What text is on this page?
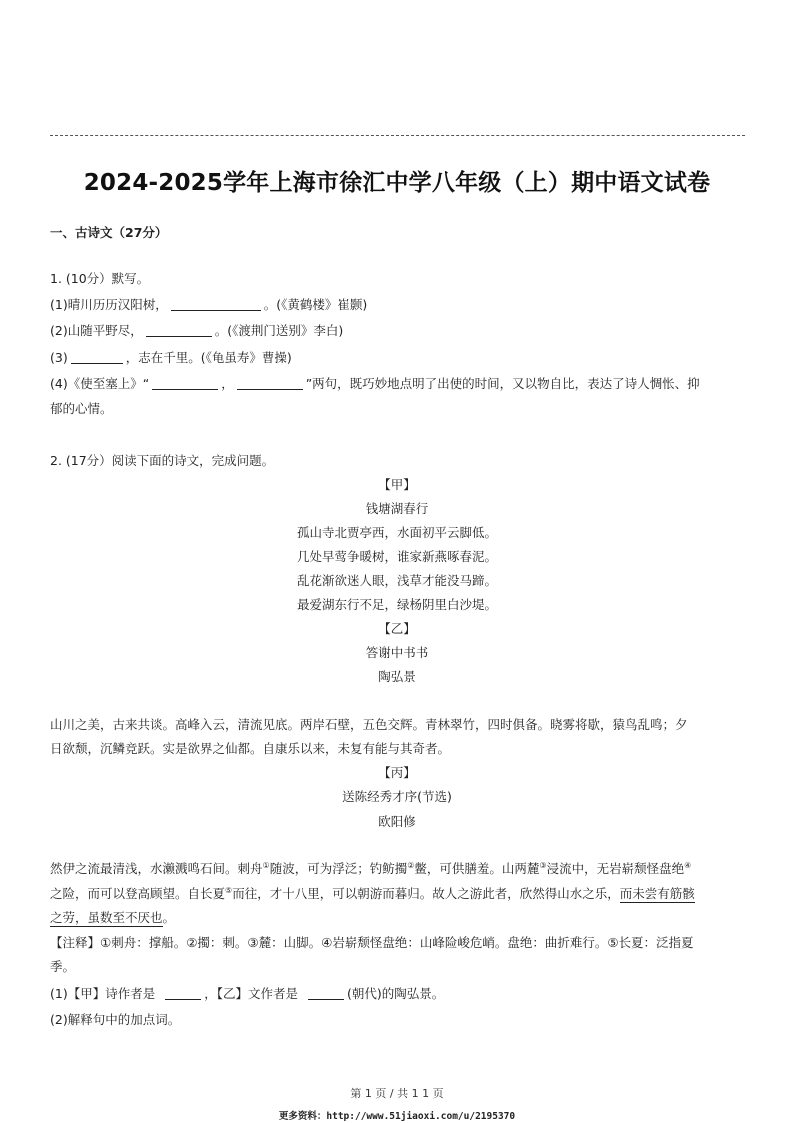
2024-2025学年上海市徐汇中学八年级（上）期中语文试卷
一、古诗文（27分）
1. (10分）默写。
(1)晴川历历汉阳树，	。(《黄鹤楼》崔颢)
(2)山随平野尽，	。(《渡荆门送别》李白)
(3)	，志在千里。(《龟虽寿》曹操)
(4)《使至塞上》“	，	”两句，既巧妙地点明了出使的时间，又以物自比，表达了诗人惆怅、抑
郁的心情。
2. (17分）阅读下面的诗文，完成问题。
【甲】
钱塘湖春行
孤山寺北贾亭西，水面初平云脚低。
几处早莺争暖树，谁家新燕啄春泥。
乱花渐欲迷人眼，浅草才能没马蹄。
最爱湖东行不足，绿杨阴里白沙堤。
【乙】
答谢中书书
陶弘景
山川之美，古来共谈。高峰入云，清流见底。两岸石壁，五色交辉。青林翠竹，四时俱备。晓雾将歇，猿鸟乱鸣；夕
日欲颓，沉鳞竞跃。实是欲界之仙都。自康乐以来，未复有能与其奇者。
【丙】
送陈经秀才序(节选)
欧阳修
然伊之流最清浅，水濑溅鸣石间。刺舟①随波，可为浮泛；钓鲂擉②鳖，可供膳羞。山两麓③浸流中，无岩崭颓怪盘绝④
之险，而可以登高顾望。自长夏⑤而往，才十八里，可以朝游而暮归。故人之游此者，欣然得山水之乐，而未尝有筋骸
之劳，虽数至不厌也。
【注释】①刺舟：撑船。②擉：刺。③麓：山脚。④岩崭颓怪盘绝：山峰险峻危峭。盘绝：曲折难行。⑤长夏：泛指夏
季。
(1)【甲】诗作者是	，【乙】文作者是	(朝代)的陶弘景。
(2)解释句中的加点词。
第 1 页 / 共 1 1 页
更多资料：http://www.51jiaoxi.com/u/2195370
